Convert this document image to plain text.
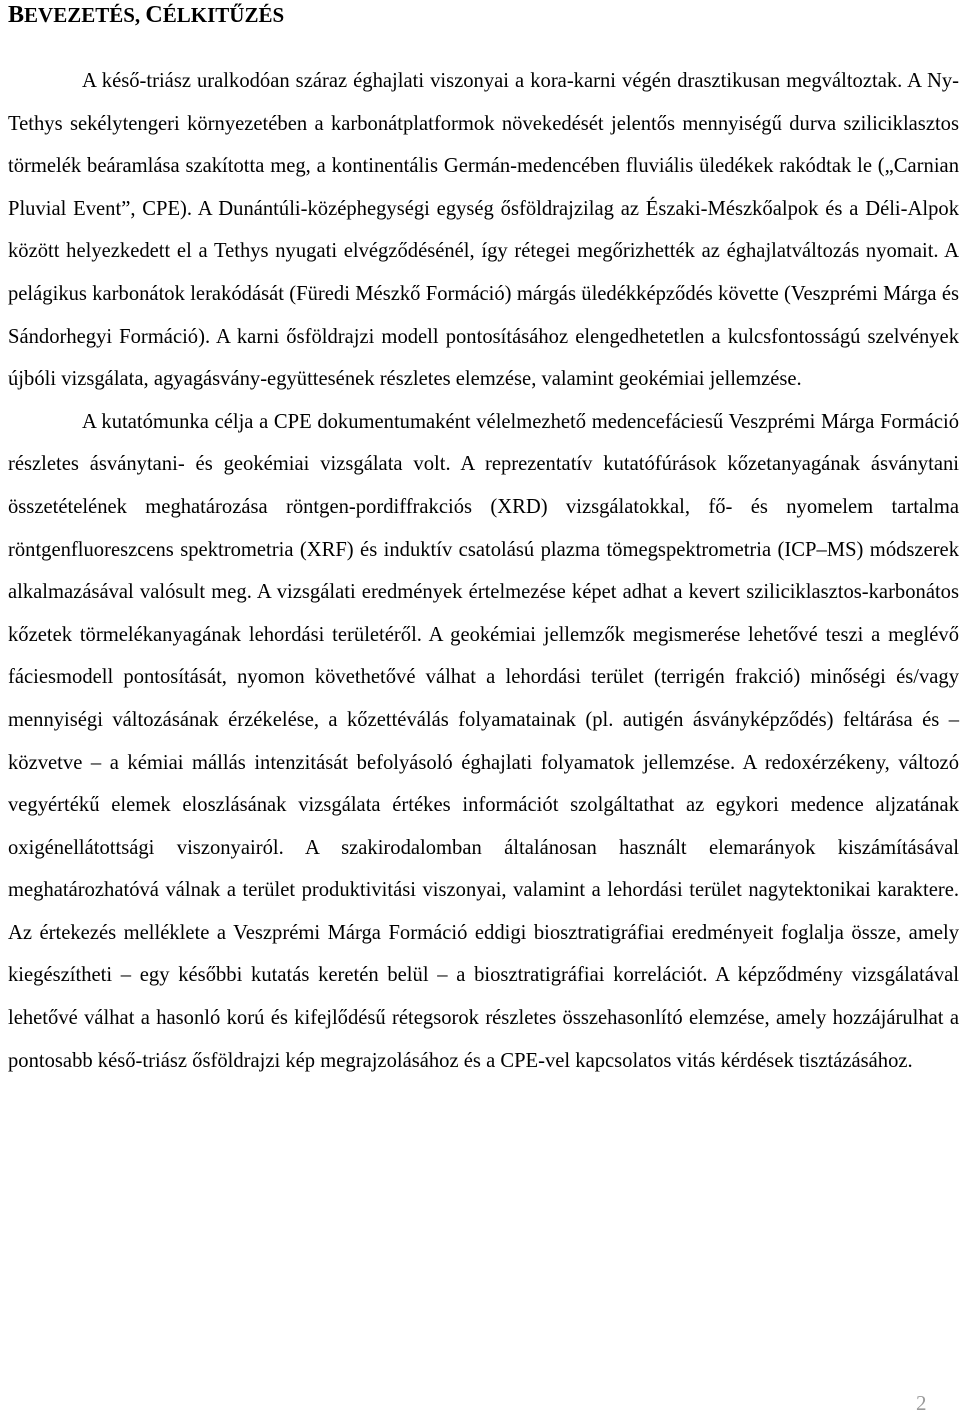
BEVEZETÉS, CÉLKITŰZÉS

A késő-triász uralkodóan száraz éghajlati viszonyai a kora-karni végén drasztikusan megváltoztak. A Ny-Tethys sekélytengeri környezetében a karbonátplatformok növekedését jelentős mennyiségű durva sziliciklasztos törmelék beáramlása szakította meg, a kontinentális Germán-medencében fluviális üledékek rakódtak le („Carnian Pluvial Event”, CPE). A Dunántúli-középhegységi egység ősföldrajzilag az Északi-Mészkőalpok és a Déli-Alpok között helyezkedett el a Tethys nyugati elvégződésénél, így rétegei megőrizhették az éghajlatváltozás nyomait. A pelágikus karbonátok lerakódását (Füredi Mészkő Formáció) márgás üledékképződés követte (Veszprémi Márga és Sándorhegyi Formáció). A karni ősföldrajzi modell pontosításához elengedhetetlen a kulcsfontosságú szelvények újbóli vizsgálata, agyagásvány-együttesének részletes elemzése, valamint geokémiai jellemzése.

A kutatómunka célja a CPE dokumentumaként vélelmezhető medencefáciesű Veszprémi Márga Formáció részletes ásványtani- és geokémiai vizsgálata volt. A reprezentatív kutatófúrások kőzetanyagának ásványtani összetételének meghatározása röntgen-pordiffrakciós (XRD) vizsgálatokkal, fő- és nyomelem tartalma röntgenfluoreszcens spektrometria (XRF) és induktív csatolású plazma tömegspektrometria (ICP–MS) módszerek alkalmazásával valósult meg. A vizsgálati eredmények értelmezése képet adhat a kevert sziliciklasztos-karbonátos kőzetek törmelékanyagának lehordási területéről. A geokémiai jellemzők megismerése lehetővé teszi a meglévő fáciesmodell pontosítását, nyomon követhetővé válhat a lehordási terület (terrigén frakció) minőségi és/vagy mennyiségi változásának érzékelése, a kőzettéválás folyamatainak (pl. autigén ásványképződés) feltárása és – közvetve – a kémiai mállás intenzitását befolyásoló éghajlati folyamatok jellemzése. A redoxérzékeny, változó vegyértékű elemek eloszlásának vizsgálata értékes információt szolgáltathat az egykori medence aljzatának oxigénellátottsági viszonyairól. A szakirodalomban általánosan használt elemarányok kiszámításával meghatározhatóvá válnak a terület produktivitási viszonyai, valamint a lehordási terület nagytektonikai karaktere. Az értekezés melléklete a Veszprémi Márga Formáció eddigi biosztratigráfiai eredményeit foglalja össze, amely kiegészítheti – egy későbbi kutatás keretén belül – a biosztratigráfiai korrelációt. A képződmény vizsgálatával lehetővé válhat a hasonló korú és kifejlődésű rétegsorok részletes összehasonlító elemzése, amely hozzájárulhat a pontosabb késő-triász ősföldrajzi kép megrajzolásához és a CPE-vel kapcsolatos vitás kérdések tisztázásához.

2
